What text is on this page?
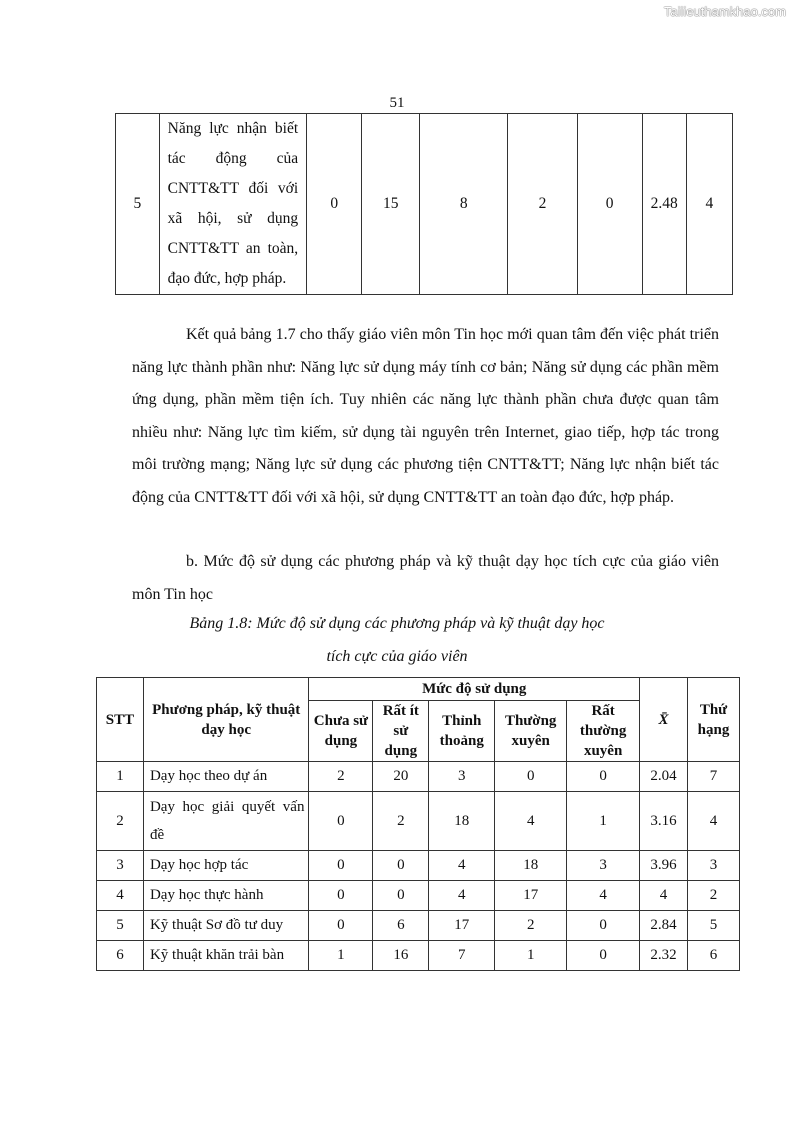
Tailieuthamkhao.com
51
5	Năng lực nhận biết tác động của CNTT&TT đối với xã hội, sử dụng CNTT&TT an toàn, đạo đức, hợp pháp.	0	15	8	2	0	2.48	4
Kết quả bảng 1.7 cho thấy giáo viên môn Tin học mới quan tâm đến việc phát triển năng lực thành phần như: Năng lực sử dụng máy tính cơ bản; Năng sử dụng các phần mềm ứng dụng, phần mềm tiện ích. Tuy nhiên các năng lực thành phần chưa được quan tâm nhiều như: Năng lực tìm kiếm, sử dụng tài nguyên trên Internet, giao tiếp, hợp tác trong môi trường mạng; Năng lực sử dụng các phương tiện CNTT&TT; Năng lực nhận biết tác động của CNTT&TT đối với xã hội, sử dụng CNTT&TT an toàn đạo đức, hợp pháp.
b. Mức độ sử dụng các phương pháp và kỹ thuật dạy học tích cực của giáo viên môn Tin học
Bảng 1.8: Mức độ sử dụng các phương pháp và kỹ thuật dạy học
tích cực của giáo viên
STT	Phương pháp, kỹ thuật dạy học	Mức độ sử dụng					X̄	Thứ hạng
		Chưa sử dụng	Rất ít sử dụng	Thỉnh thoảng	Thường xuyên	Rất thường xuyên		
1	Dạy học theo dự án	2	20	3	0	0	2.04	7
2	Dạy học giải quyết vấn đề	0	2	18	4	1	3.16	4
3	Dạy học hợp tác	0	0	4	18	3	3.96	3
4	Dạy học thực hành	0	0	4	17	4	4	2
5	Kỹ thuật Sơ đồ tư duy	0	6	17	2	0	2.84	5
6	Kỹ thuật khăn trải bàn	1	16	7	1	0	2.32	6
